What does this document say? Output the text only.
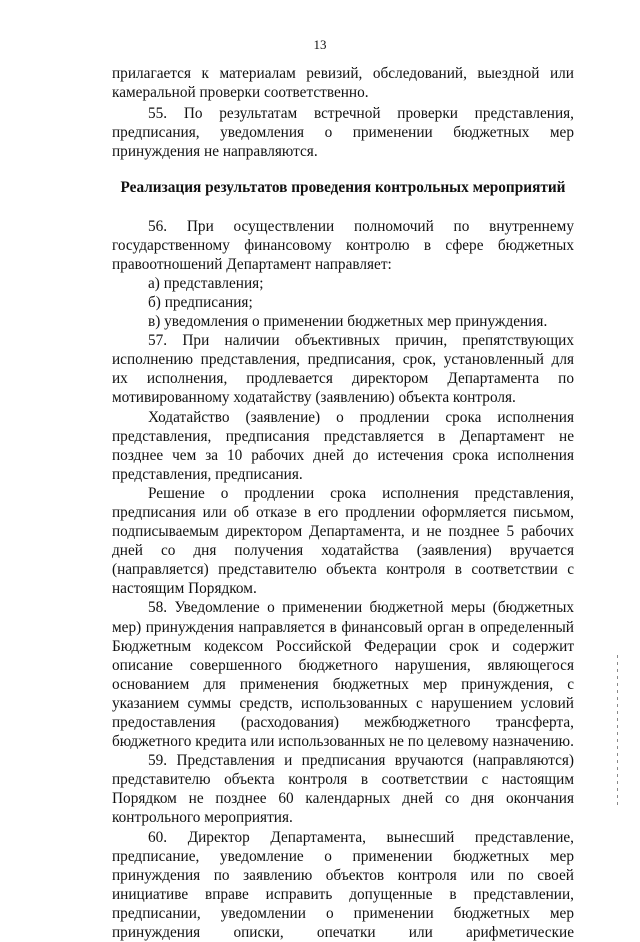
13

прилагается к материалам ревизий, обследований, выездной или камеральной проверки соответственно.

55. По результатам встречной проверки представления, предписания, уведомления о применении бюджетных мер принуждения не направляются.

Реализация результатов проведения контрольных мероприятий

56. При осуществлении полномочий по внутреннему государственному финансовому контролю в сфере бюджетных правоотношений Департамент направляет:

а) представления;

б) предписания;

в) уведомления о применении бюджетных мер принуждения.

57. При наличии объективных причин, препятствующих исполнению представления, предписания, срок, установленный для их исполнения, продлевается директором Департамента по мотивированному ходатайству (заявлению) объекта контроля.

Ходатайство (заявление) о продлении срока исполнения представления, предписания представляется в Департамент не позднее чем за 10 рабочих дней до истечения срока исполнения представления, предписания.

Решение о продлении срока исполнения представления, предписания или об отказе в его продлении оформляется письмом, подписываемым директором Департамента, и не позднее 5 рабочих дней со дня получения ходатайства (заявления) вручается (направляется) представителю объекта контроля в соответствии с настоящим Порядком.

58. Уведомление о применении бюджетной меры (бюджетных мер) принуждения направляется в финансовый орган в определенный Бюджетным кодексом Российской Федерации срок и содержит описание совершенного бюджетного нарушения, являющегося основанием для применения бюджетных мер принуждения, с указанием суммы средств, использованных с нарушением условий предоставления (расходования) межбюджетного трансферта, бюджетного кредита или использованных не по целевому назначению.

59. Представления и предписания вручаются (направляются) представителю объекта контроля в соответствии с настоящим Порядком не позднее 60 календарных дней со дня окончания контрольного мероприятия.

60. Директор Департамента, вынесший представление, предписание, уведомление о применении бюджетных мер принуждения по заявлению объектов контроля или по своей инициативе вправе исправить допущенные в представлении, предписании, уведомлении о применении бюджетных мер принуждения описки, опечатки или арифметические
